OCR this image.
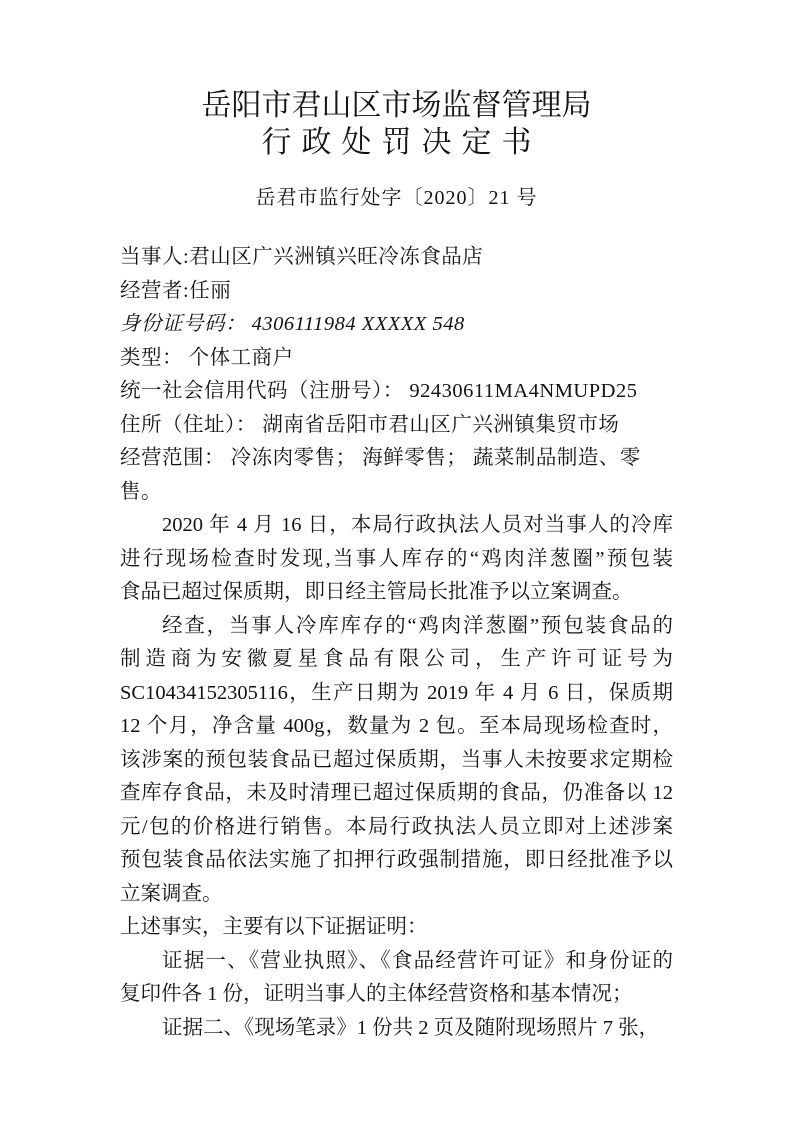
岳阳市君山区市场监督管理局
行政处罚决定书
岳君市监行处字〔2020〕21 号
当事人:君山区广兴洲镇兴旺冷冻食品店
经营者:任丽
身份证号码： 4306111984 XXXXX 548
类型： 个体工商户
统一社会信用代码（注册号）： 92430611MA4NMUPD25
住所（住址）： 湖南省岳阳市君山区广兴洲镇集贸市场
经营范围： 冷冻肉零售； 海鲜零售； 蔬菜制品制造、零售。
2020 年 4 月 16 日，本局行政执法人员对当事人的冷库
进行现场检查时发现,当事人库存的“鸡肉洋葱圈”预包装
食品已超过保质期，即日经主管局长批准予以立案调查。
经查，当事人冷库库存的“鸡肉洋葱圈”预包装食品的
制造商为安徽夏星食品有限公司，生产许可证号为
SC10434152305116，生产日期为 2019 年 4 月 6 日，保质期
12 个月，净含量 400g，数量为 2 包。至本局现场检查时，
该涉案的预包装食品已超过保质期，当事人未按要求定期检
查库存食品，未及时清理已超过保质期的食品，仍准备以 12
元/包的价格进行销售。本局行政执法人员立即对上述涉案
预包装食品依法实施了扣押行政强制措施，即日经批准予以
立案调查。
上述事实，主要有以下证据证明：
证据一、《营业执照》、《食品经营许可证》和身份证的
复印件各 1 份，证明当事人的主体经营资格和基本情况；
证据二、《现场笔录》1 份共 2 页及随附现场照片 7 张，
